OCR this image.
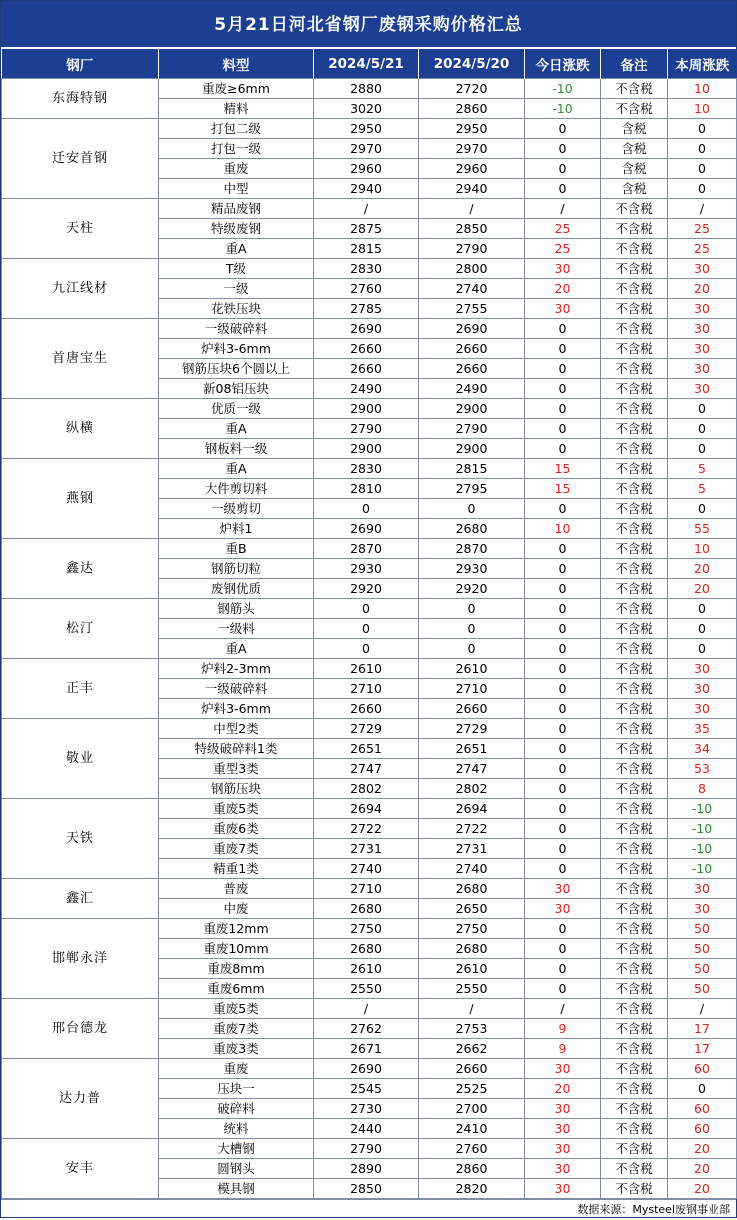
5月21日河北省钢厂废钢采购价格汇总
钢厂	料型	2024/5/21	2024/5/20	今日涨跌	备注	本周涨跌
东海特钢	重废≥6mm	2880	2720	-10	不含税	10
	精料	3020	2860	-10	不含税	10
迁安首钢	打包二级	2950	2950	0	含税	0
	打包一级	2970	2970	0	含税	0
	重废	2960	2960	0	含税	0
	中型	2940	2940	0	含税	0
天柱	精品废钢	/	/	/	不含税	/
	特级废钢	2875	2850	25	不含税	25
	重A	2815	2790	25	不含税	25
九江线材	T级	2830	2800	30	不含税	30
	一级	2760	2740	20	不含税	20
	花铁压块	2785	2755	30	不含税	30
首唐宝生	一级破碎料	2690	2690	0	不含税	30
	炉料3-6mm	2660	2660	0	不含税	30
	钢筋压块6个圆以上	2660	2660	0	不含税	30
	新08铝压块	2490	2490	0	不含税	30
纵横	优质一级	2900	2900	0	不含税	0
	重A	2790	2790	0	不含税	0
	钢板料一级	2900	2900	0	不含税	0
燕钢	重A	2830	2815	15	不含税	5
	大件剪切料	2810	2795	15	不含税	5
	一级剪切	0	0	0	不含税	0
	炉料1	2690	2680	10	不含税	55
鑫达	重B	2870	2870	0	不含税	10
	钢筋切粒	2930	2930	0	不含税	20
	废钢优质	2920	2920	0	不含税	20
松汀	钢筋头	0	0	0	不含税	0
	一级料	0	0	0	不含税	0
	重A	0	0	0	不含税	0
正丰	炉料2-3mm	2610	2610	0	不含税	30
	一级破碎料	2710	2710	0	不含税	30
	炉料3-6mm	2660	2660	0	不含税	30
敬业	中型2类	2729	2729	0	不含税	35
	特级破碎料1类	2651	2651	0	不含税	34
	重型3类	2747	2747	0	不含税	53
	钢筋压块	2802	2802	0	不含税	8
天铁	重废5类	2694	2694	0	不含税	-10
	重废6类	2722	2722	0	不含税	-10
	重废7类	2731	2731	0	不含税	-10
	精重1类	2740	2740	0	不含税	-10
鑫汇	普废	2710	2680	30	不含税	30
	中废	2680	2650	30	不含税	30
邯郸永洋	重废12mm	2750	2750	0	不含税	50
	重废10mm	2680	2680	0	不含税	50
	重废8mm	2610	2610	0	不含税	50
	重废6mm	2550	2550	0	不含税	50
邢台德龙	重废5类	/	/	/	不含税	/
	重废7类	2762	2753	9	不含税	17
	重废3类	2671	2662	9	不含税	17
达力普	重废	2690	2660	30	不含税	60
	压块一	2545	2525	20	不含税	0
	破碎料	2730	2700	30	不含税	60
	统料	2440	2410	30	不含税	60
安丰	大槽钢	2790	2760	30	不含税	20
	圆钢头	2890	2860	30	不含税	20
	模具钢	2850	2820	30	不含税	20
数据来源：Mysteel废钢事业部
